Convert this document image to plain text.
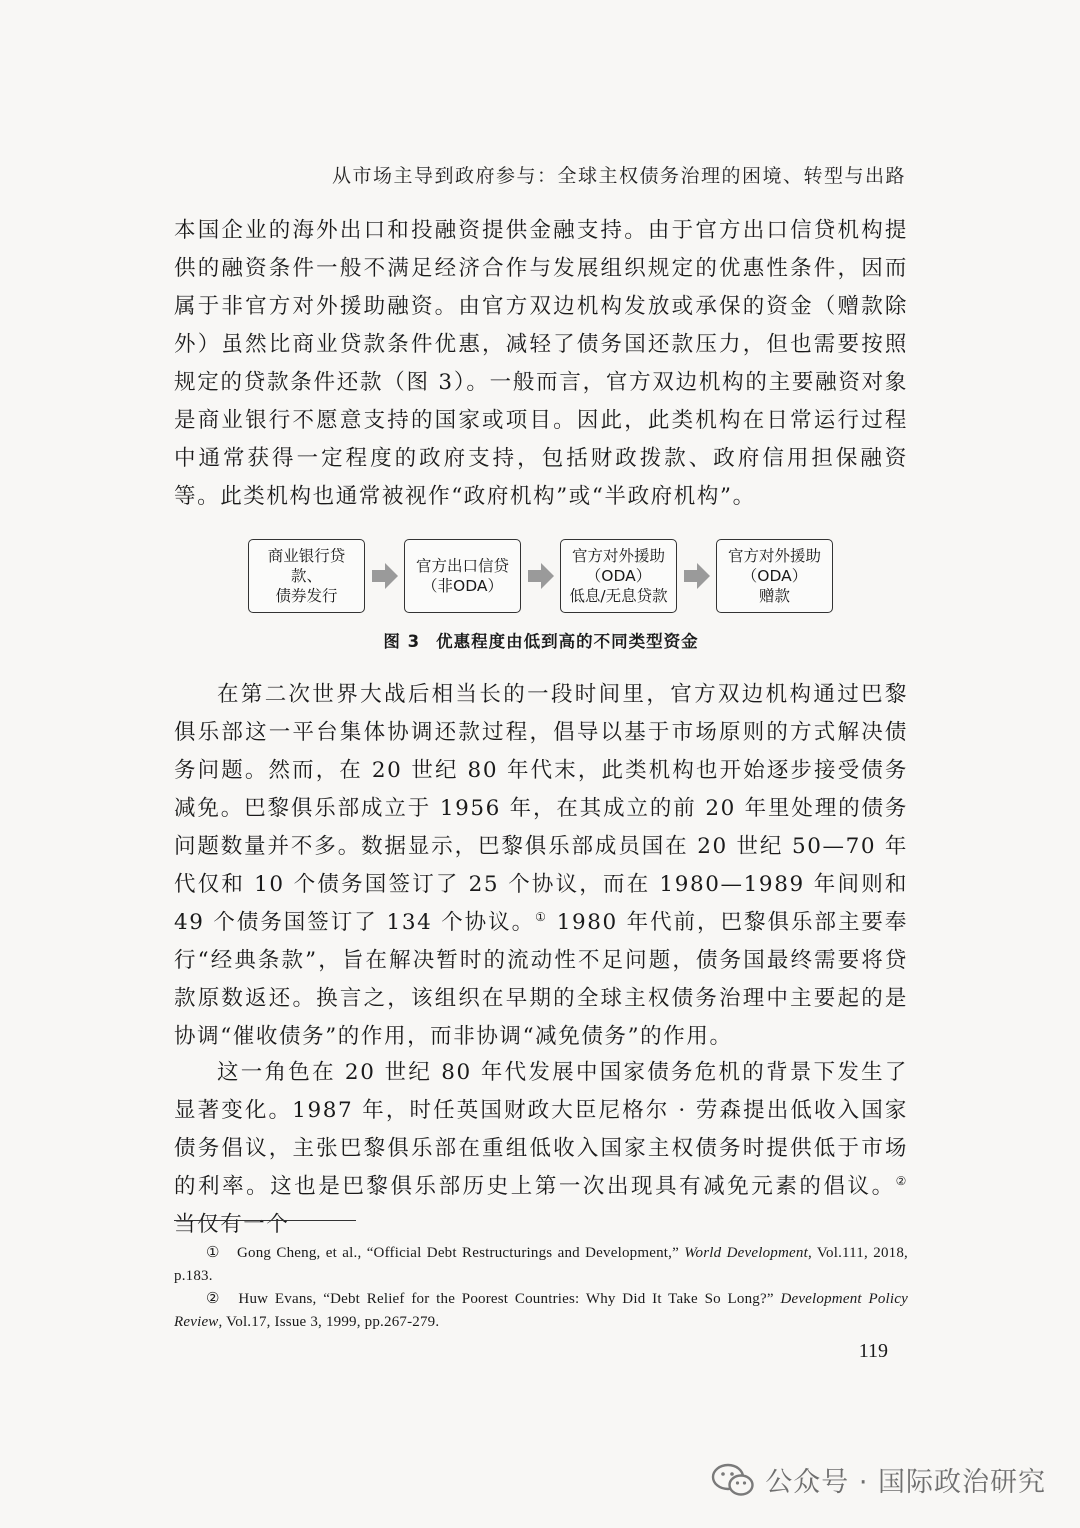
从市场主导到政府参与：全球主权债务治理的困境、转型与出路

本国企业的海外出口和投融资提供金融支持。由于官方出口信贷机构提供的融资条件一般不满足经济合作与发展组织规定的优惠性条件，因而属于非官方对外援助融资。由官方双边机构发放或承保的资金（赠款除外）虽然比商业贷款条件优惠，减轻了债务国还款压力，但也需要按照规定的贷款条件还款（图 3）。一般而言，官方双边机构的主要融资对象是商业银行不愿意支持的国家或项目。因此，此类机构在日常运行过程中通常获得一定程度的政府支持，包括财政拨款、政府信用担保融资等。此类机构也通常被视作“政府机构”或“半政府机构”。

商业银行贷款、
债券发行
官方出口信贷
（非ODA）
官方对外援助
（ODA）
低息/无息贷款
官方对外援助
（ODA）
赠款
图 3 优惠程度由低到高的不同类型资金

在第二次世界大战后相当长的一段时间里，官方双边机构通过巴黎俱乐部这一平台集体协调还款过程，倡导以基于市场原则的方式解决债务问题。然而，在 20 世纪 80 年代末，此类机构也开始逐步接受债务减免。巴黎俱乐部成立于 1956 年，在其成立的前 20 年里处理的债务问题数量并不多。数据显示，巴黎俱乐部成员国在 20 世纪 50—70 年代仅和 10 个债务国签订了 25 个协议，而在 1980—1989 年间则和 49 个债务国签订了 134 个协议。① 1980 年代前，巴黎俱乐部主要奉行“经典条款”，旨在解决暂时的流动性不足问题，债务国最终需要将贷款原数返还。换言之，该组织在早期的全球主权债务治理中主要起的是协调“催收债务”的作用，而非协调“减免债务”的作用。

这一角色在 20 世纪 80 年代发展中国家债务危机的背景下发生了显著变化。1987 年，时任英国财政大臣尼格尔 · 劳森提出低收入国家债务倡议，主张巴黎俱乐部在重组低收入国家主权债务时提供低于市场的利率。这也是巴黎俱乐部历史上第一次出现具有减免元素的倡议。② 当仅有一个

① Gong Cheng, et al., “Official Debt Restructurings and Development,” World Development, Vol.111, 2018, p.183.

② Huw Evans, “Debt Relief for the Poorest Countries: Why Did It Take So Long?” Development Policy Review, Vol.17, Issue 3, 1999, pp.267-279.

119
公众号 · 国际政治研究
